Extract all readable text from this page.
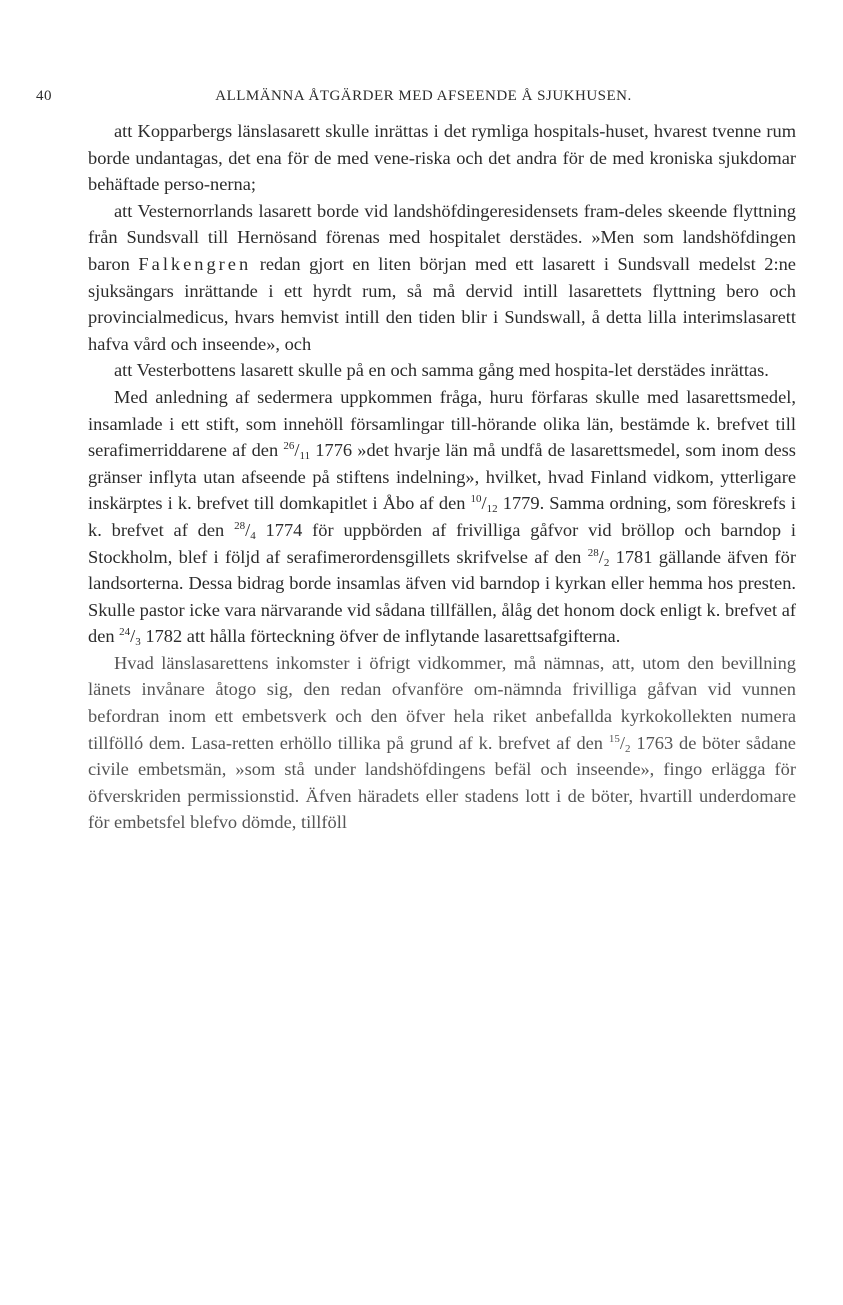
40	ALLMÄNNA ÅTGÄRDER MED AFSEENDE Å SJUKHUSEN.

att Kopparbergs länslasarett skulle inrättas i det rymliga hospitals-huset, hvarest tvenne rum borde undantagas, det ena för de med vene-riska och det andra för de med kroniska sjukdomar behäftade perso-nerna;

att Vesternorrlands lasarett borde vid landshöfdingeresidensets fram-deles skeende flyttning från Sundsvall till Hernösand förenas med hospitalet derstädes. »Men som landshöfdingen baron Falkengren redan gjort en liten början med ett lasarett i Sundsvall medelst 2:ne sjuksängars inrättande i ett hyrdt rum, så må dervid intill lasarettets flyttning bero och provincialmedicus, hvars hemvist intill den tiden blir i Sundswall, å detta lilla interimslasarett hafva vård och inseende», och

att Vesterbottens lasarett skulle på en och samma gång med hospita-let derstädes inrättas.

Med anledning af sedermera uppkommen fråga, huru förfaras skulle med lasarettsmedel, insamlade i ett stift, som innehöll församlingar till-hörande olika län, bestämde k. brefvet till serafimerriddarene af den $^{26}/_{11}$ 1776 »det hvarje län må undfå de lasarettsmedel, som inom dess gränser inflyta utan afseende på stiftens indelning», hvilket, hvad Finland vidkom, ytterligare inskärptes i k. brefvet till domkapitlet i Åbo af den $^{10}/_{12}$ 1779. Samma ordning, som föreskrefs i k. brefvet af den $^{28}/_4$ 1774 för uppbörden af frivilliga gåfvor vid bröllop och barndop i Stockholm, blef i följd af serafimerordensgillets skrifvelse af den $^{28}/_2$ 1781 gällande äfven för landsorterna. Dessa bidrag borde insamlas äfven vid barndop i kyrkan eller hemma hos presten. Skulle pastor icke vara närvarande vid sådana tillfällen, ålåg det honom dock enligt k. brefvet af den $^{24}/_3$ 1782 att hålla förteckning öfver de inflytande lasarettsafgifterna.

Hvad länslasarettens inkomster i öfrigt vidkommer, må nämnas, att, utom den bevillning länets invånare åtogo sig, den redan ofvanföre om-nämnda frivilliga gåfvan vid vunnen befordran inom ett embetsverk och den öfver hela riket anbefallda kyrkokollekten numera tillfölló dem. Lasa-retten erhöllo tillika på grund af k. brefvet af den $^{15}/_2$ 1763 de böter sådane civile embetsmän, »som stå under landshöfdingens befäl och inseende», fingo erlägga för öfverskriden permissionstid. Äfven häradets eller stadens lott i de böter, hvartill underdomare för embetsfel blefvo dömde, tillföll
